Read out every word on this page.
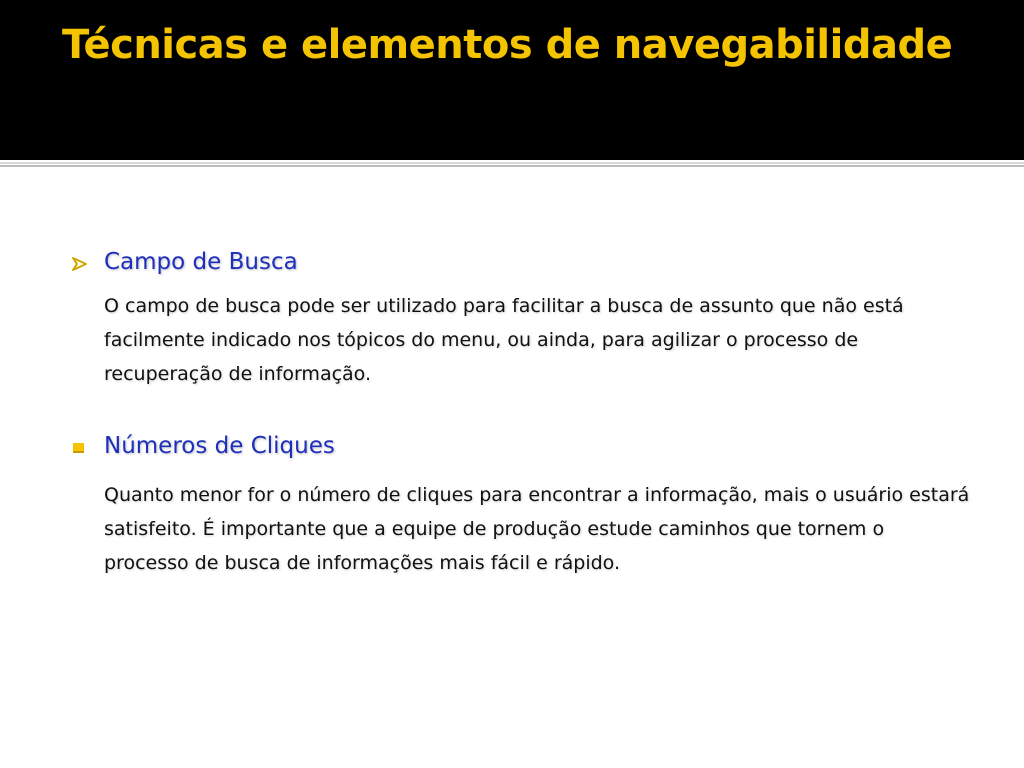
Técnicas e elementos de navegabilidade
Campo de Busca

O campo de busca pode ser utilizado para facilitar a busca de assunto que não está facilmente indicado nos tópicos do menu, ou ainda, para agilizar o processo de recuperação de informação.

Números de Cliques

Quanto menor for o número de cliques para encontrar a informação, mais o usuário estará satisfeito. É importante que a equipe de produção estude caminhos que tornem o processo de busca de informações mais fácil e rápido.
